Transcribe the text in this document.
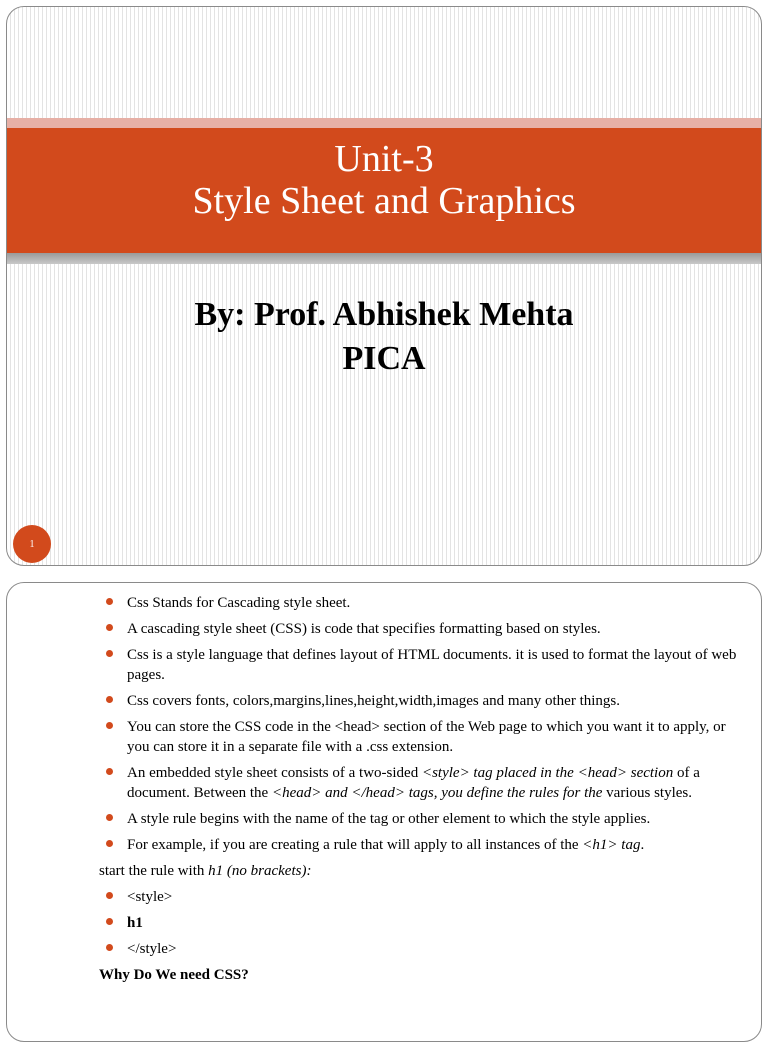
Unit-3
Style Sheet and Graphics
By: Prof. Abhishek Mehta
PICA
1
Css Stands for Cascading style sheet.
A cascading style sheet (CSS) is code that specifies formatting based on styles.
Css is a style language that defines layout of HTML documents. it is used to format the layout of web pages.
Css covers fonts, colors,margins,lines,height,width,images and many other things.
You can store the CSS code in the <head> section of the Web page to which you want it to apply, or you can store it in a separate file with a .css extension.
An embedded style sheet consists of a two-sided <style> tag placed in the <head> section of a document. Between the <head> and </head> tags, you define the rules for the various styles.
A style rule begins with the name of the tag or other element to which the style applies.
For example, if you are creating a rule that will apply to all instances of the <h1> tag.
start the rule with h1 (no brackets):
<style>
h1
</style>
Why Do We need CSS?
